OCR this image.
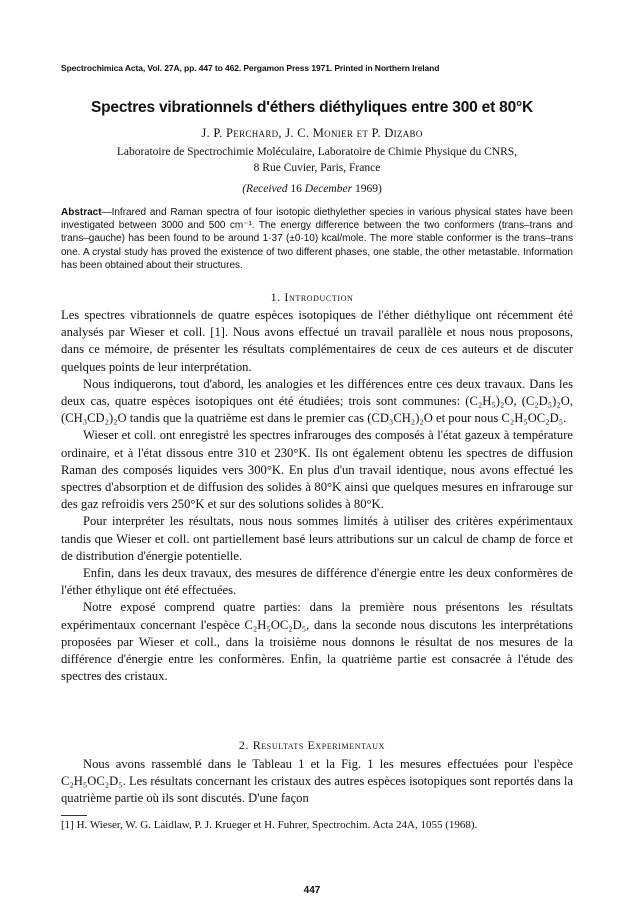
Spectrochimica Acta, Vol. 27A, pp. 447 to 462. Pergamon Press 1971. Printed in Northern Ireland
Spectres vibrationnels d'éthers diéthyliques entre 300 et 80°K
J. P. Perchard, J. C. Monier et P. Dizabo
Laboratoire de Spectrochimie Moléculaire, Laboratoire de Chimie Physique du CNRS,
8 Rue Cuvier, Paris, France
(Received 16 December 1969)
Abstract—Infrared and Raman spectra of four isotopic diethylether species in various physical states have been investigated between 3000 and 500 cm⁻¹. The energy difference between the two conformers (trans–trans and trans–gauche) has been found to be around 1·37 (±0·10) kcal/mole. The more stable conformer is the trans–trans one. A crystal study has proved the existence of two different phases, one stable, the other metastable. Information has been obtained about their structures.
1. Introduction

Les spectres vibrationnels de quatre espèces isotopiques de l'éther diéthylique ont récemment été analysés par Wieser et coll. [1]. Nous avons effectué un travail parallèle et nous nous proposons, dans ce mémoire, de présenter les résultats complémentaires de ceux de ces auteurs et de discuter quelques points de leur interprétation.

Nous indiquerons, tout d'abord, les analogies et les différences entre ces deux travaux. Dans les deux cas, quatre espèces isotopiques ont été étudiées; trois sont communes: (C₂H₅)₂O, (C₂D₅)₂O, (CH₃CD₂)₂O tandis que la quatrième est dans le premier cas (CD₃CH₂)₂O et pour nous C₂H₅OC₂D₅.

Wieser et coll. ont enregistré les spectres infrarouges des composés à l'état gazeux à température ordinaire, et à l'état dissous entre 310 et 230°K. Ils ont également obtenu les spectres de diffusion Raman des composés liquides vers 300°K. En plus d'un travail identique, nous avons effectué les spectres d'absorption et de diffusion des solides à 80°K ainsi que quelques mesures en infrarouge sur des gaz refroidis vers 250°K et sur des solutions solides à 80°K.

Pour interpréter les résultats, nous nous sommes limités à utiliser des critères expérimentaux tandis que Wieser et coll. ont partiellement basé leurs attributions sur un calcul de champ de force et de distribution d'énergie potentielle.

Enfin, dans les deux travaux, des mesures de différence d'énergie entre les deux conformères de l'éther éthylique ont été effectuées.

Notre exposé comprend quatre parties: dans la première nous présentons les résultats expérimentaux concernant l'espèce C₂H₅OC₂D₅, dans la seconde nous discutons les interprétations proposées par Wieser et coll., dans la troisième nous donnons le résultat de nos mesures de la différence d'énergie entre les conformères. Enfin, la quatrième partie est consacrée à l'étude des spectres des cristaux.

2. Resultats Experimentaux

Nous avons rassemblé dans le Tableau 1 et la Fig. 1 les mesures effectuées pour l'espèce C₂H₅OC₂D₅. Les résultats concernant les cristaux des autres espèces isotopiques sont reportés dans la quatrième partie où ils sont discutés. D'une façon

[1] H. Wieser, W. G. Laidlaw, P. J. Krueger et H. Fuhrer, Spectrochim. Acta 24A, 1055 (1968).
447
